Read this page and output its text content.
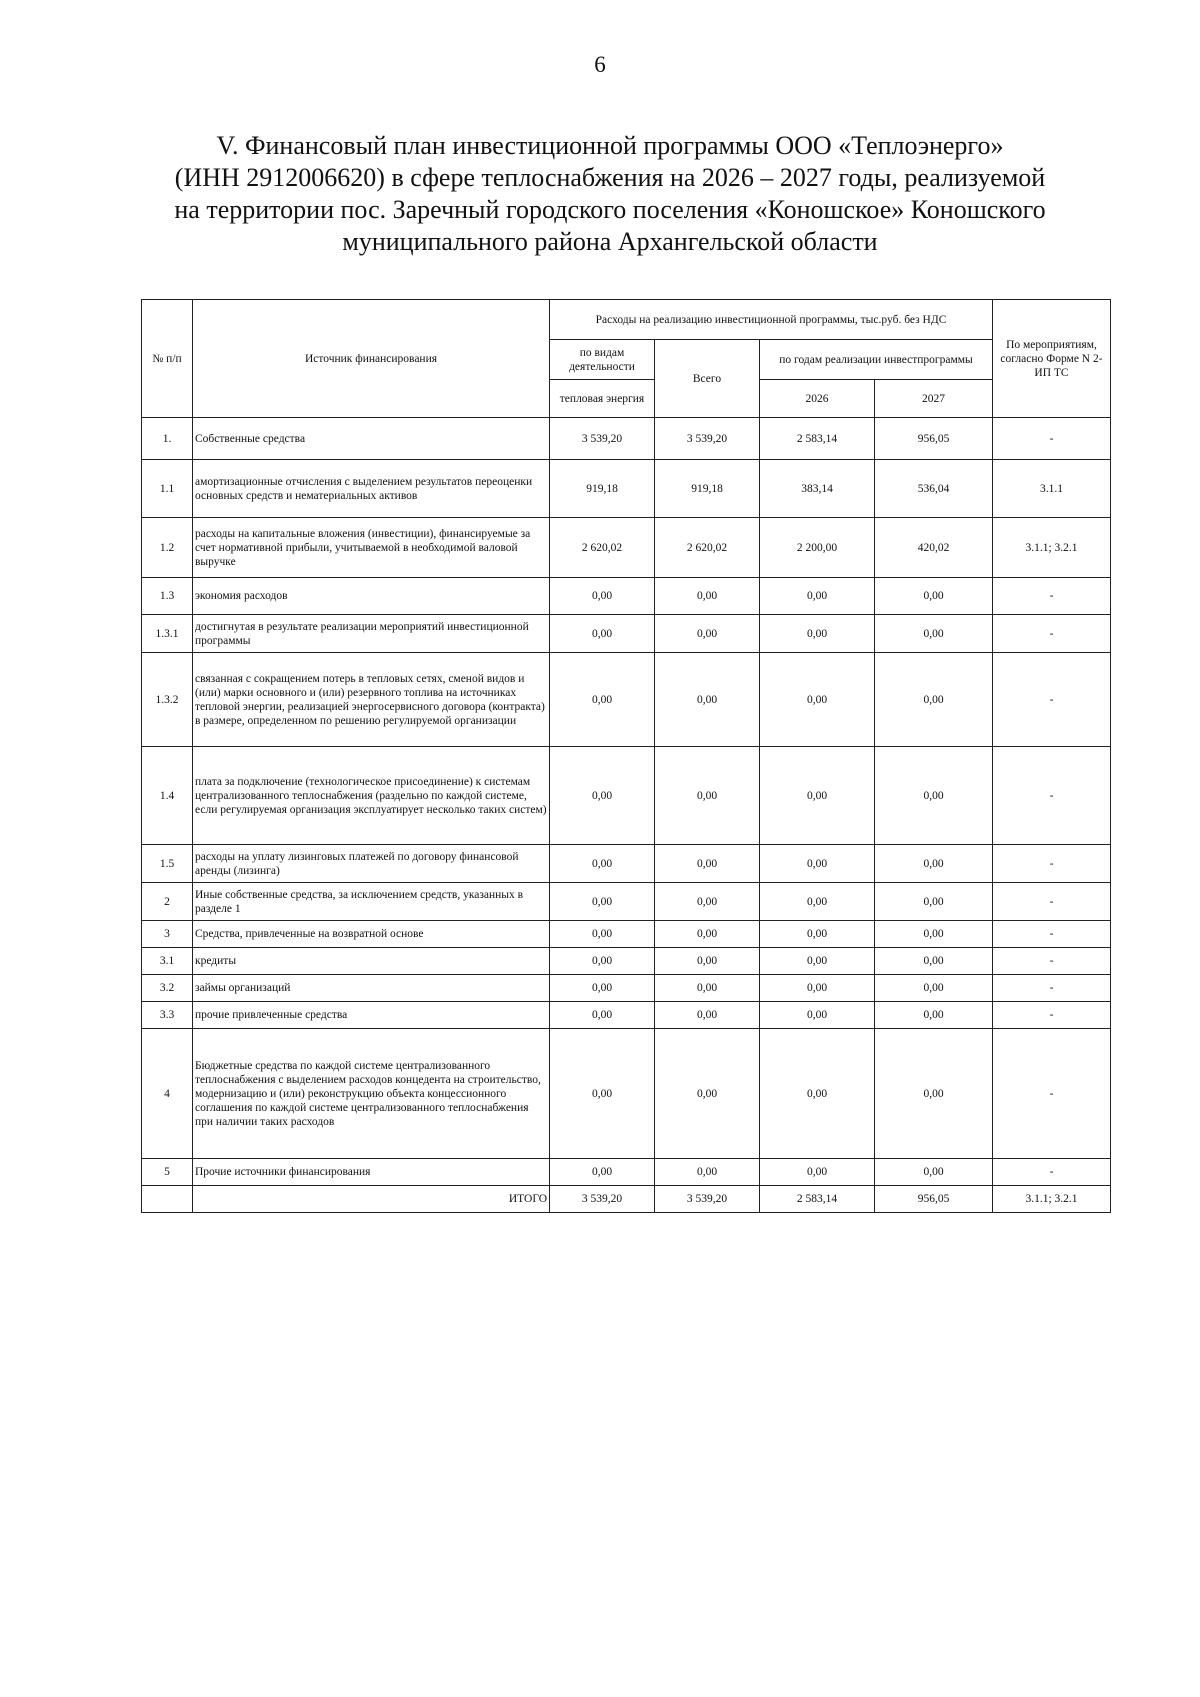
6
V. Финансовый план инвестиционной программы ООО «Теплоэнерго»
(ИНН 2912006620) в сфере теплоснабжения на 2026 – 2027 годы, реализуемой
на территории пос. Заречный городского поселения «Коношское» Коношского
муниципального района Архангельской области
№ п/п	Источник финансирования	Расходы на реализацию инвестиционной программы, тыс.руб. без НДС				По мероприятиям, согласно Форме N 2-ИП ТС
		по видам деятельности	Всего	по годам реализации инвестпрограммы		
		тепловая энергия		2026	2027	
1.	Собственные средства	3 539,20	3 539,20	2 583,14	956,05	-
1.1	амортизационные отчисления с выделением результатов переоценки основных средств и нематериальных активов	919,18	919,18	383,14	536,04	3.1.1
1.2	расходы на капитальные вложения (инвестиции), финансируемые за счет нормативной прибыли, учитываемой в необходимой валовой выручке	2 620,02	2 620,02	2 200,00	420,02	3.1.1; 3.2.1
1.3	экономия расходов	0,00	0,00	0,00	0,00	-
1.3.1	достигнутая в результате реализации мероприятий инвестиционной программы	0,00	0,00	0,00	0,00	-
1.3.2	связанная с сокращением потерь в тепловых сетях, сменой видов и (или) марки основного и (или) резервного топлива на источниках тепловой энергии, реализацией энергосервисного договора (контракта) в размере, определенном по решению регулируемой организации	0,00	0,00	0,00	0,00	-
1.4	плата за подключение (технологическое присоединение) к системам централизованного теплоснабжения (раздельно по каждой системе, если регулируемая организация эксплуатирует несколько таких систем)	0,00	0,00	0,00	0,00	-
1.5	расходы на уплату лизинговых платежей по договору финансовой аренды (лизинга)	0,00	0,00	0,00	0,00	-
2	Иные собственные средства, за исключением средств, указанных в разделе 1	0,00	0,00	0,00	0,00	-
3	Средства, привлеченные на возвратной основе	0,00	0,00	0,00	0,00	-
3.1	кредиты	0,00	0,00	0,00	0,00	-
3.2	займы организаций	0,00	0,00	0,00	0,00	-
3.3	прочие привлеченные средства	0,00	0,00	0,00	0,00	-
4	Бюджетные средства по каждой системе централизованного теплоснабжения с выделением расходов концедента на строительство, модернизацию и (или) реконструкцию объекта концессионного соглашения по каждой системе централизованного теплоснабжения при наличии таких расходов	0,00	0,00	0,00	0,00	-
5	Прочие источники финансирования	0,00	0,00	0,00	0,00	-
	ИТОГО	3 539,20	3 539,20	2 583,14	956,05	3.1.1; 3.2.1
